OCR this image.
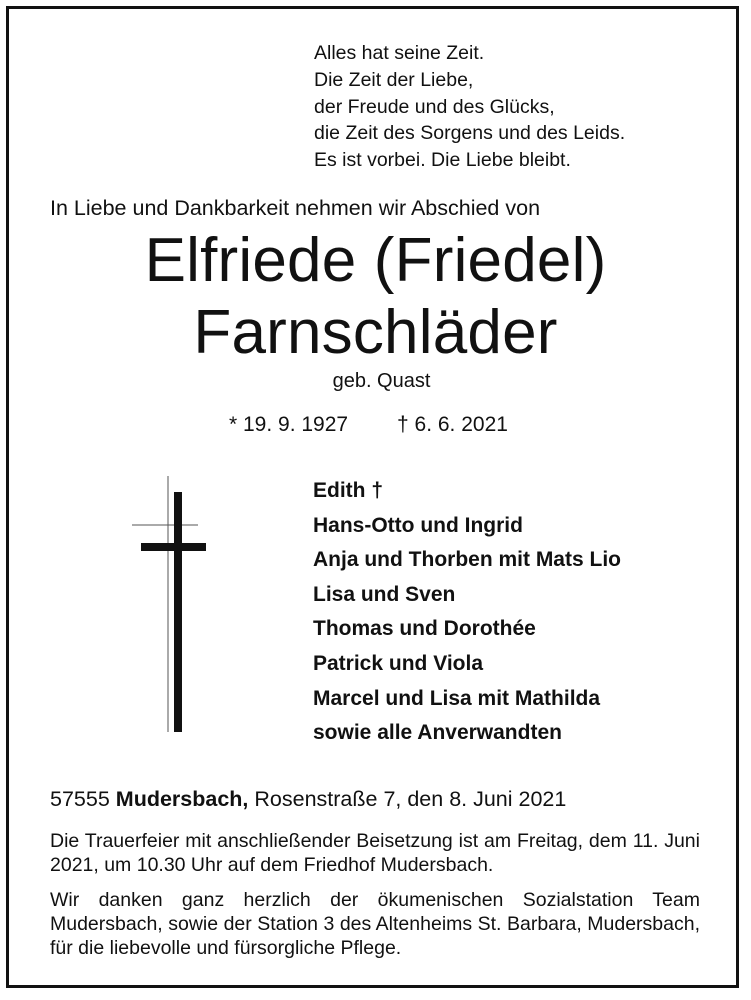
Alles hat seine Zeit.
Die Zeit der Liebe,
der Freude und des Glücks,
die Zeit des Sorgens und des Leids.
Es ist vorbei. Die Liebe bleibt.
In Liebe und Dankbarkeit nehmen wir Abschied von
Elfriede (Friedel)
Farnschläder
geb. Quast
* 19. 9. 1927 † 6. 6. 2021
Edith †
Hans-Otto und Ingrid
Anja und Thorben mit Mats Lio
Lisa und Sven
Thomas und Dorothée
Patrick und Viola
Marcel und Lisa mit Mathilda
sowie alle Anverwandten
57555 Mudersbach, Rosenstraße 7, den 8. Juni 2021
Die Trauerfeier mit anschließender Beisetzung ist am Freitag, dem 11. Juni 2021, um 10.30 Uhr auf dem Friedhof Mudersbach.
Wir danken ganz herzlich der ökumenischen Sozialstation Team Mudersbach, sowie der Station 3 des Altenheims St. Barbara, Mudersbach, für die liebevolle und fürsorgliche Pflege.
